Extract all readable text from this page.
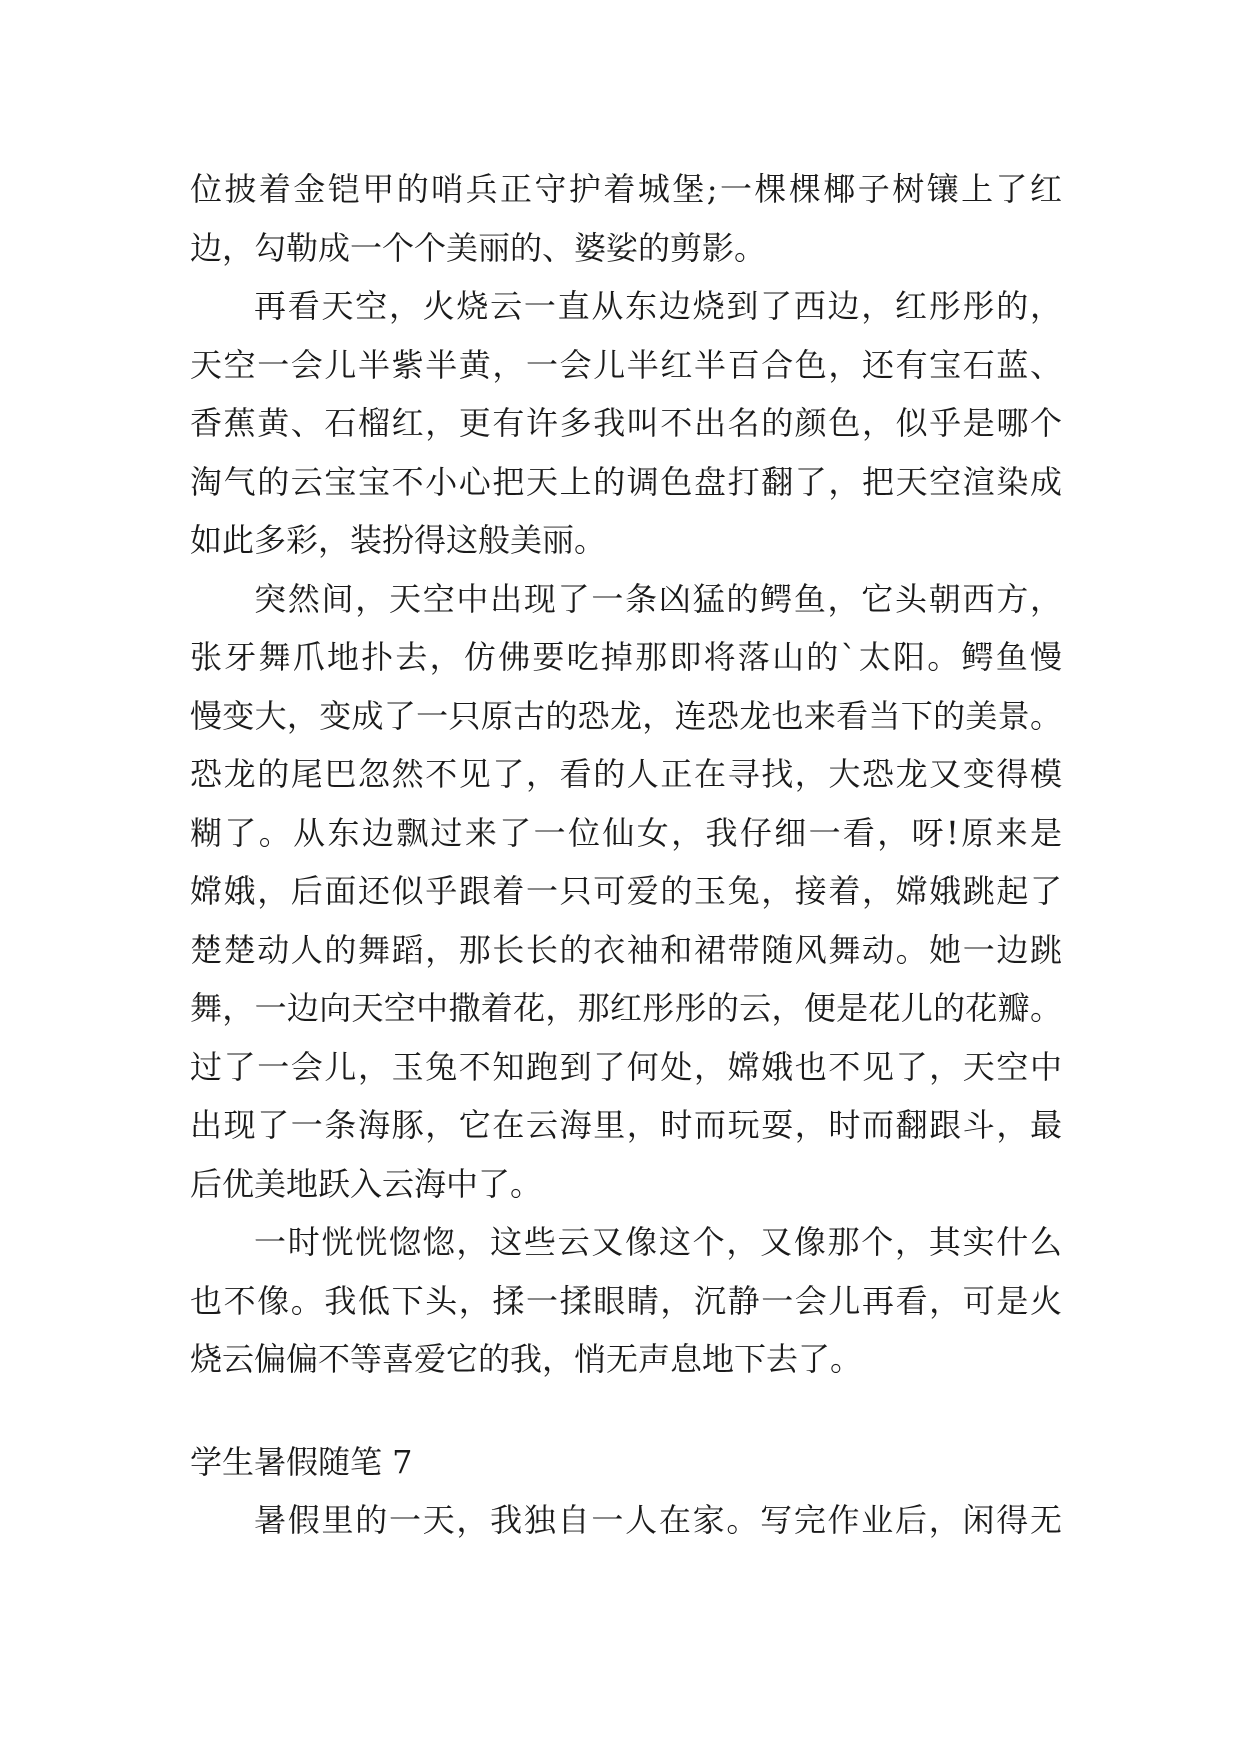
位披着金铠甲的哨兵正守护着城堡;一棵棵椰子树镶上了红
边，勾勒成一个个美丽的、婆娑的剪影。
再看天空，火烧云一直从东边烧到了西边，红彤彤的，
天空一会儿半紫半黄，一会儿半红半百合色，还有宝石蓝、
香蕉黄、石榴红，更有许多我叫不出名的颜色，似乎是哪个
淘气的云宝宝不小心把天上的调色盘打翻了，把天空渲染成
如此多彩，装扮得这般美丽。
突然间，天空中出现了一条凶猛的鳄鱼，它头朝西方，
张牙舞爪地扑去，仿佛要吃掉那即将落山的`太阳。鳄鱼慢
慢变大，变成了一只原古的恐龙，连恐龙也来看当下的美景。
恐龙的尾巴忽然不见了，看的人正在寻找，大恐龙又变得模
糊了。从东边飘过来了一位仙女，我仔细一看，呀!原来是
嫦娥，后面还似乎跟着一只可爱的玉兔，接着，嫦娥跳起了
楚楚动人的舞蹈，那长长的衣袖和裙带随风舞动。她一边跳
舞，一边向天空中撒着花，那红彤彤的云，便是花儿的花瓣。
过了一会儿，玉兔不知跑到了何处，嫦娥也不见了，天空中
出现了一条海豚，它在云海里，时而玩耍，时而翻跟斗，最
后优美地跃入云海中了。
一时恍恍惚惚，这些云又像这个，又像那个，其实什么
也不像。我低下头，揉一揉眼睛，沉静一会儿再看，可是火
烧云偏偏不等喜爱它的我，悄无声息地下去了。
学生暑假随笔 7
暑假里的一天，我独自一人在家。写完作业后，闲得无
